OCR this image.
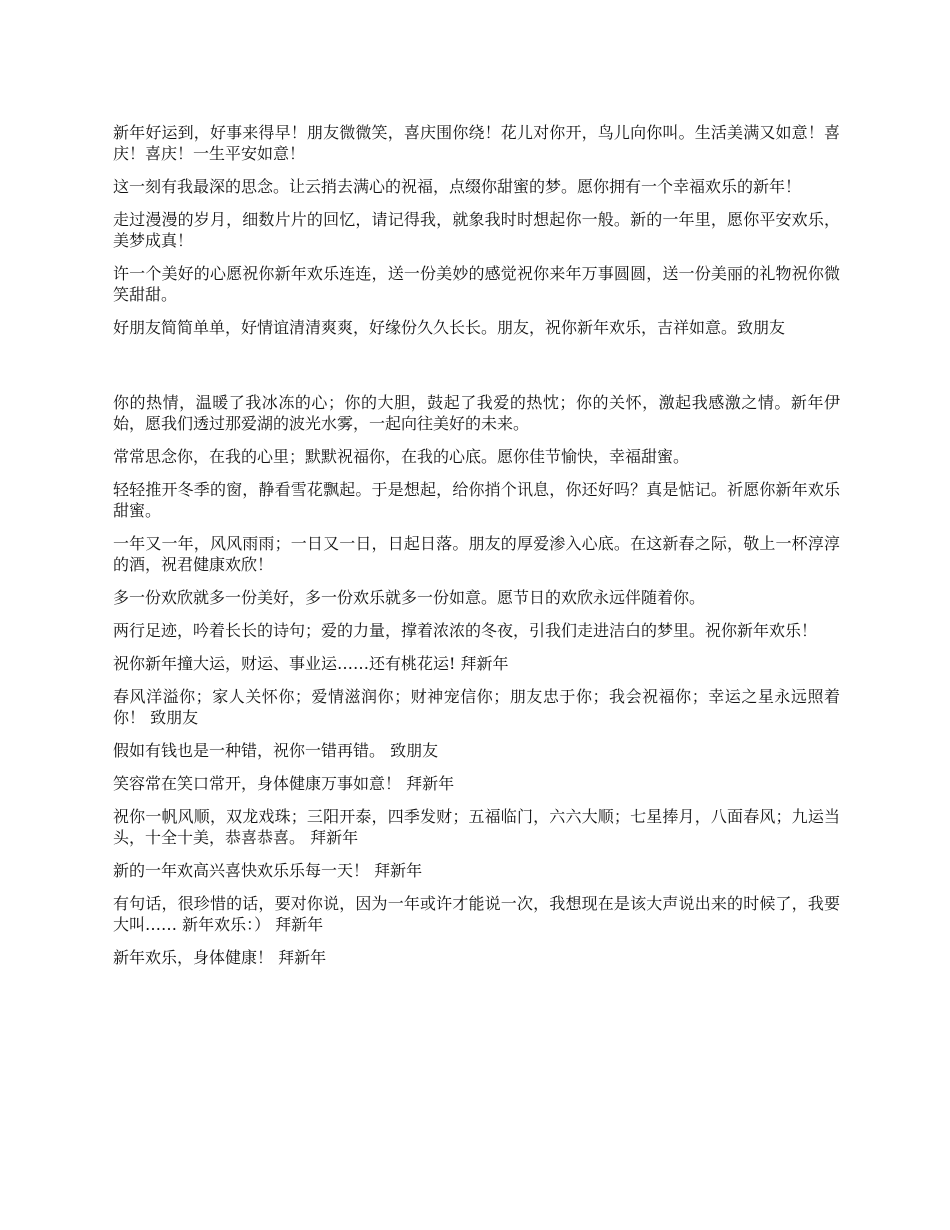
新年好运到，好事来得早！朋友微微笑，喜庆围你绕！花儿对你开，鸟儿向你叫。生活美满又如意！喜庆！喜庆！一生平安如意！

这一刻有我最深的思念。让云捎去满心的祝福，点缀你甜蜜的梦。愿你拥有一个幸福欢乐的新年！

走过漫漫的岁月，细数片片的回忆，请记得我，就象我时时想起你一般。新的一年里，愿你平安欢乐，美梦成真！

许一个美好的心愿祝你新年欢乐连连，送一份美妙的感觉祝你来年万事圆圆，送一份美丽的礼物祝你微笑甜甜。

好朋友简简单单，好情谊清清爽爽，好缘份久久长长。朋友，祝你新年欢乐，吉祥如意。致朋友

你的热情，温暖了我冰冻的心；你的大胆，鼓起了我爱的热忱；你的关怀，激起我感激之情。新年伊始，愿我们透过那爱湖的波光水雾，一起向往美好的未来。

常常思念你，在我的心里；默默祝福你，在我的心底。愿你佳节愉快，幸福甜蜜。

轻轻推开冬季的窗，静看雪花飘起。于是想起，给你捎个讯息，你还好吗？真是惦记。祈愿你新年欢乐甜蜜。

一年又一年，风风雨雨；一日又一日，日起日落。朋友的厚爱渗入心底。在这新春之际，敬上一杯淳淳的酒，祝君健康欢欣！

多一份欢欣就多一份美好，多一份欢乐就多一份如意。愿节日的欢欣永远伴随着你。

两行足迹，吟着长长的诗句；爱的力量，撑着浓浓的冬夜，引我们走进洁白的梦里。祝你新年欢乐！

祝你新年撞大运，财运、事业运……还有桃花运! 拜新年

春风洋溢你；家人关怀你；爱情滋润你；财神宠信你；朋友忠于你；我会祝福你；幸运之星永远照着你！ 致朋友

假如有钱也是一种错，祝你一错再错。 致朋友

笑容常在笑口常开，身体健康万事如意！ 拜新年

祝你一帆风顺，双龙戏珠；三阳开泰，四季发财；五福临门，六六大顺；七星捧月，八面春风；九运当头，十全十美，恭喜恭喜。 拜新年

新的一年欢高兴喜快欢乐乐每一天！ 拜新年

有句话，很珍惜的话，要对你说，因为一年或许才能说一次，我想现在是该大声说出来的时候了，我要大叫…… 新年欢乐：） 拜新年

新年欢乐，身体健康！ 拜新年
